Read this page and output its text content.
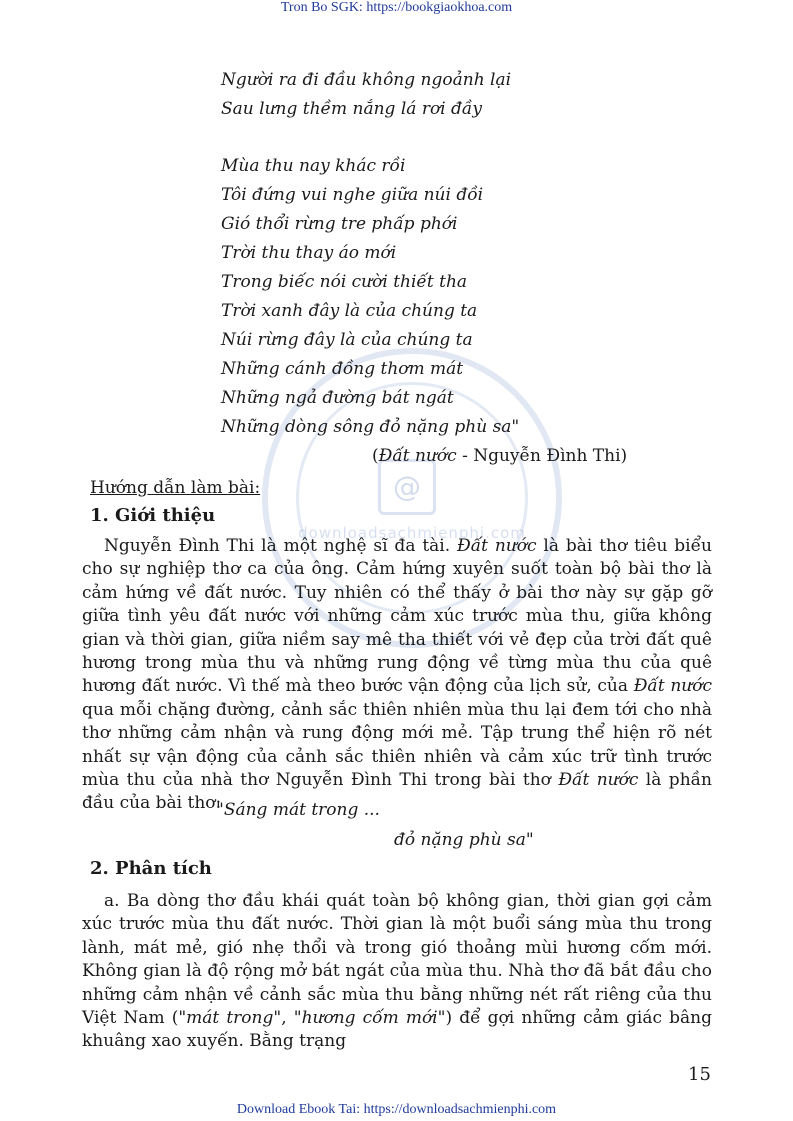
Tron Bo SGK: https://bookgiaokhoa.com
@
downloadsachmienphi.com
Người ra đi đầu không ngoảnh lại
Sau lưng thềm nắng lá rơi đầy
Mùa thu nay khác rồi
Tôi đứng vui nghe giữa núi đồi
Gió thổi rừng tre phấp phới
Trời thu thay áo mới
Trong biếc nói cười thiết tha
Trời xanh đây là của chúng ta
Núi rừng đây là của chúng ta
Những cánh đồng thơm mát
Những ngả đường bát ngát
Những dòng sông đỏ nặng phù sa"
(Đất nước - Nguyễn Đình Thi)
Hướng dẫn làm bài:
1. Giới thiệu

Nguyễn Đình Thi là một nghệ sĩ đa tài. Đất nước là bài thơ tiêu biểu cho sự nghiệp thơ ca của ông. Cảm hứng xuyên suốt toàn bộ bài thơ là cảm hứng về đất nước. Tuy nhiên có thể thấy ở bài thơ này sự gặp gỡ giữa tình yêu đất nước với những cảm xúc trước mùa thu, giữa không gian và thời gian, giữa niềm say mê tha thiết với vẻ đẹp của trời đất quê hương trong mùa thu và những rung động về từng mùa thu của quê hương đất nước. Vì thế mà theo bước vận động của lịch sử, của Đất nước qua mỗi chặng đường, cảnh sắc thiên nhiên mùa thu lại đem tới cho nhà thơ những cảm nhận và rung động mới mẻ. Tập trung thể hiện rõ nét nhất sự vận động của cảnh sắc thiên nhiên và cảm xúc trữ tình trước mùa thu của nhà thơ Nguyễn Đình Thi trong bài thơ Đất nước là phần đầu của bài thơ:

"Sáng mát trong ...
đỏ nặng phù sa"
2. Phân tích

a. Ba dòng thơ đầu khái quát toàn bộ không gian, thời gian gợi cảm xúc trước mùa thu đất nước. Thời gian là một buổi sáng mùa thu trong lành, mát mẻ, gió nhẹ thổi và trong gió thoảng mùi hương cốm mới. Không gian là độ rộng mở bát ngát của mùa thu. Nhà thơ đã bắt đầu cho những cảm nhận về cảnh sắc mùa thu bằng những nét rất riêng của thu Việt Nam ("mát trong", "hương cốm mới") để gợi những cảm giác bâng khuâng xao xuyến. Bằng trạng

15
Download Ebook Tai: https://downloadsachmienphi.com
